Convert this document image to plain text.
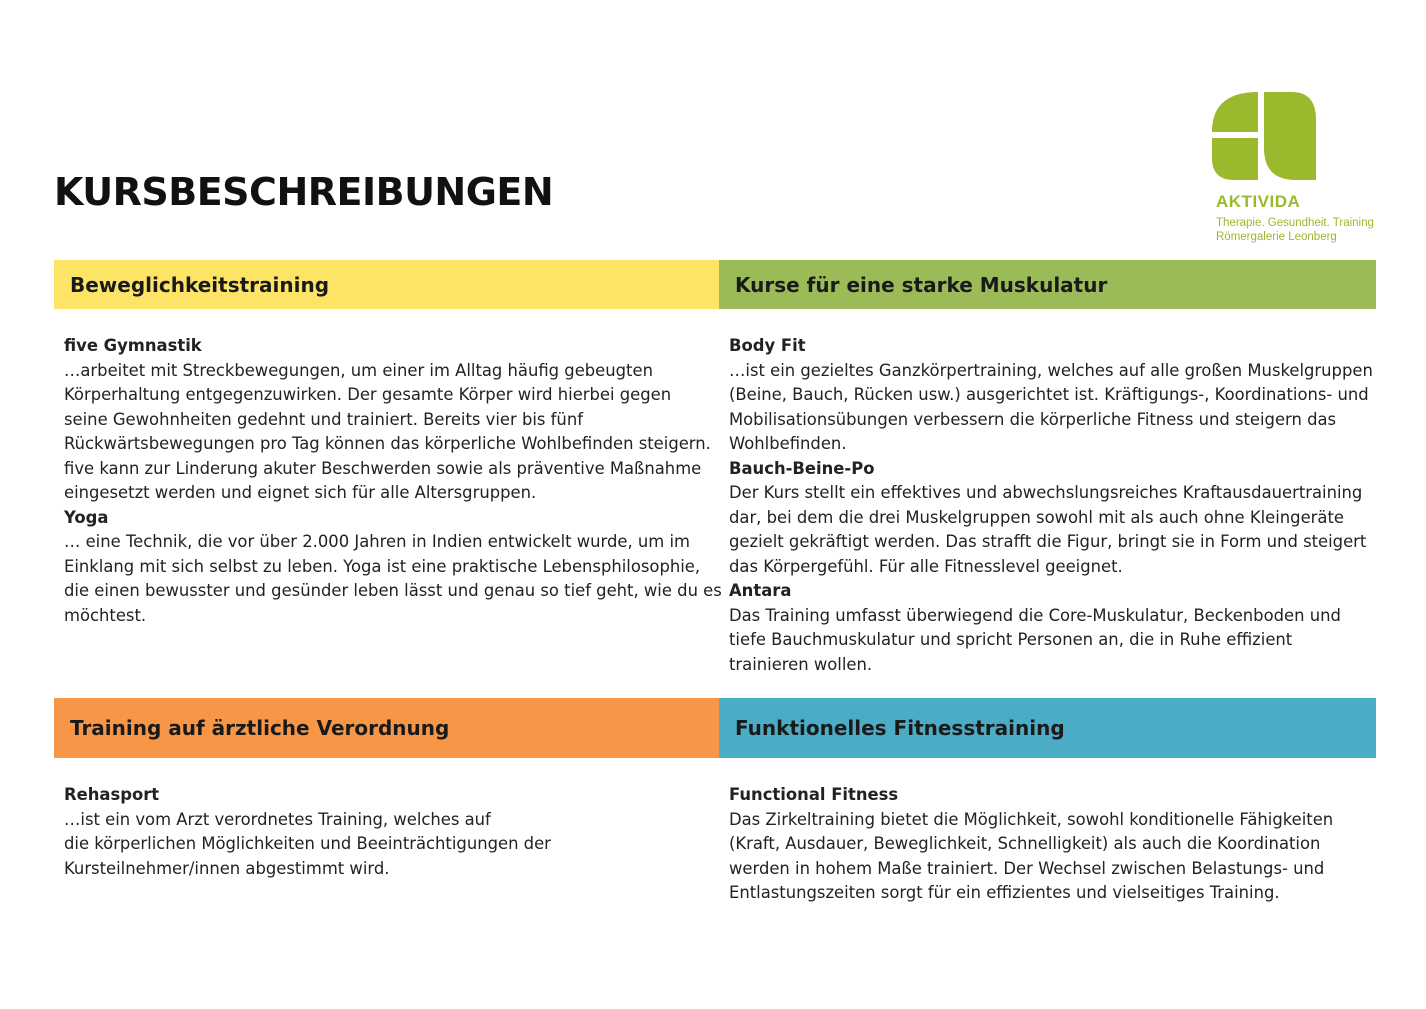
KURSBESCHREIBUNGEN	AKTIVIDA
Therapie. Gesundheit. Training
Römergalerie Leonberg
Beweglichkeitstraining	Kurse für eine starke Muskulatur
Training auf ärztliche Verordnung	Funktionelles Fitnesstraining
five Gymnastik
…arbeitet mit Streckbewegungen, um einer im Alltag häufig gebeugten
Körperhaltung entgegenzuwirken. Der gesamte Körper wird hierbei gegen
seine Gewohnheiten gedehnt und trainiert. Bereits vier bis fünf
Rückwärtsbewegungen pro Tag können das körperliche Wohlbefinden steigern.
five kann zur Linderung akuter Beschwerden sowie als präventive Maßnahme
eingesetzt werden und eignet sich für alle Altersgruppen.
Yoga
… eine Technik, die vor über 2.000 Jahren in Indien entwickelt wurde, um im
Einklang mit sich selbst zu leben. Yoga ist eine praktische Lebensphilosophie,
die einen bewusster und gesünder leben lässt und genau so tief geht, wie du es
möchtest.
Body Fit
…ist ein gezieltes Ganzkörpertraining, welches auf alle großen Muskelgruppen
(Beine, Bauch, Rücken usw.) ausgerichtet ist. Kräftigungs-, Koordinations- und
Mobilisationsübungen verbessern die körperliche Fitness und steigern das
Wohlbefinden.
Bauch-Beine-Po
Der Kurs stellt ein effektives und abwechslungsreiches Kraftausdauertraining
dar, bei dem die drei Muskelgruppen sowohl mit als auch ohne Kleingeräte
gezielt gekräftigt werden. Das strafft die Figur, bringt sie in Form und steigert
das Körpergefühl. Für alle Fitnesslevel geeignet.
Antara
Das Training umfasst überwiegend die Core-Muskulatur, Beckenboden und
tiefe Bauchmuskulatur und spricht Personen an, die in Ruhe effizient
trainieren wollen.
Rehasport
…ist ein vom Arzt verordnetes Training, welches auf
die körperlichen Möglichkeiten und Beeinträchtigungen der
Kursteilnehmer/innen abgestimmt wird.
Functional Fitness
Das Zirkeltraining bietet die Möglichkeit, sowohl konditionelle Fähigkeiten
(Kraft, Ausdauer, Beweglichkeit, Schnelligkeit) als auch die Koordination
werden in hohem Maße trainiert. Der Wechsel zwischen Belastungs- und
Entlastungszeiten sorgt für ein effizientes und vielseitiges Training.
